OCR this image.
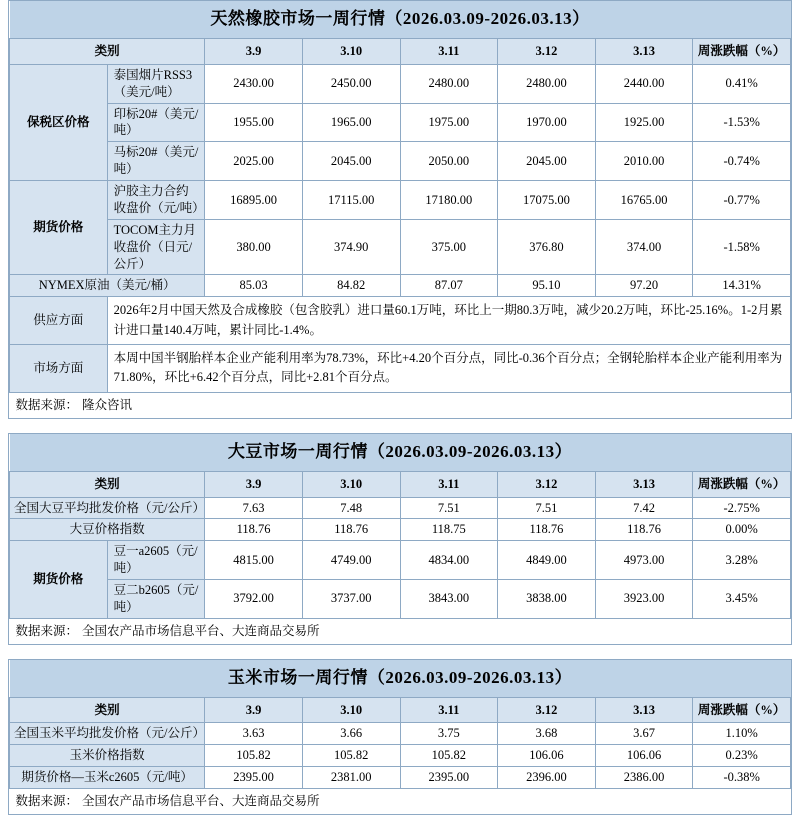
天然橡胶市场一周行情（2026.03.09-2026.03.13）							
类别		3.9	3.10	3.11	3.12	3.13	周涨跌幅（%）
保税区价格	泰国烟片RSS3（美元/吨）	2430.00	2450.00	2480.00	2480.00	2440.00	0.41%
	印标20#（美元/吨）	1955.00	1965.00	1975.00	1970.00	1925.00	-1.53%
	马标20#（美元/吨）	2025.00	2045.00	2050.00	2045.00	2010.00	-0.74%
期货价格	沪胶主力合约收盘价（元/吨）	16895.00	17115.00	17180.00	17075.00	16765.00	-0.77%
	TOCOM主力月收盘价（日元/公斤）	380.00	374.90	375.00	376.80	374.00	-1.58%
NYMEX原油（美元/桶）		85.03	84.82	87.07	95.10	97.20	14.31%
供应方面	2026年2月中国天然及合成橡胶（包含胶乳）进口量60.1万吨，环比上一期80.3万吨，减少20.2万吨，环比-25.16%。1-2月累计进口量140.4万吨，累计同比-1.4%。						
市场方面	本周中国半钢胎样本企业产能利用率为78.73%，环比+4.20个百分点，同比-0.36个百分点；全钢轮胎样本企业产能利用率为71.80%，环比+6.42个百分点，同比+2.81个百分点。						
数据来源： 隆众咨讯							
大豆市场一周行情（2026.03.09-2026.03.13）							
类别		3.9	3.10	3.11	3.12	3.13	周涨跌幅（%）
全国大豆平均批发价格（元/公斤）		7.63	7.48	7.51	7.51	7.42	-2.75%
大豆价格指数		118.76	118.76	118.75	118.76	118.76	0.00%
期货价格	豆一a2605（元/吨）	4815.00	4749.00	4834.00	4849.00	4973.00	3.28%
	豆二b2605（元/吨）	3792.00	3737.00	3843.00	3838.00	3923.00	3.45%
数据来源： 全国农产品市场信息平台、大连商品交易所							
玉米市场一周行情（2026.03.09-2026.03.13）						
类别	3.9	3.10	3.11	3.12	3.13	周涨跌幅（%）
全国玉米平均批发价格（元/公斤）	3.63	3.66	3.75	3.68	3.67	1.10%
玉米价格指数	105.82	105.82	105.82	106.06	106.06	0.23%
期货价格—玉米c2605（元/吨）	2395.00	2381.00	2395.00	2396.00	2386.00	-0.38%
数据来源： 全国农产品市场信息平台、大连商品交易所						
